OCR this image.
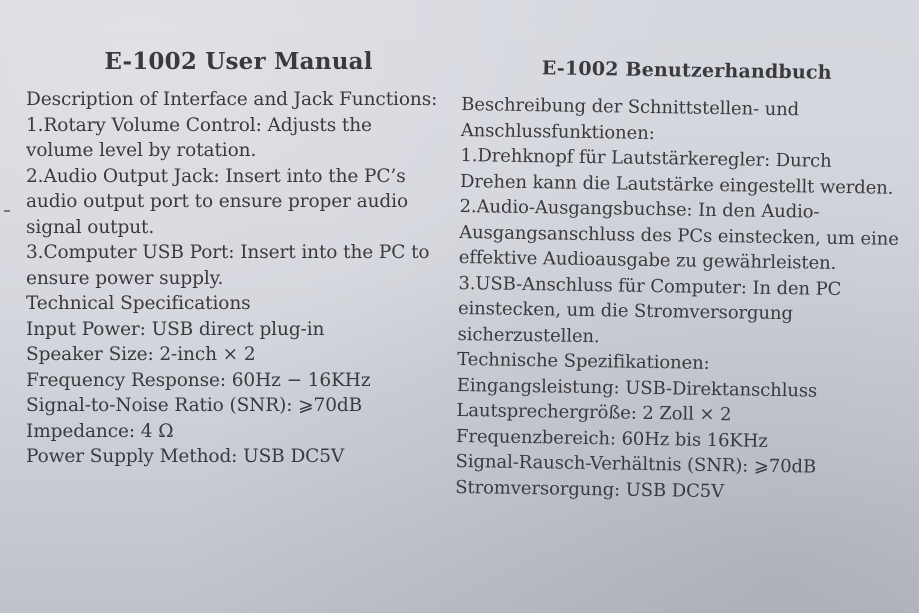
E-1002 User Manual
Description of Interface and Jack Functions:
1.Rotary Volume Control: Adjusts the
volume level by rotation.
2.Audio Output Jack: Insert into the PC’s
audio output port to ensure proper audio
signal output.
3.Computer USB Port: Insert into the PC to
ensure power supply.
Technical Specifications
Input Power: USB direct plug-in
Speaker Size: 2-inch × 2
Frequency Response: 60Hz − 16KHz
Signal-to-Noise Ratio (SNR): ⩾70dB
Impedance: 4 Ω
Power Supply Method: USB DC5V
E-1002 Benutzerhandbuch
Beschreibung der Schnittstellen- und
Anschlussfunktionen:
1.Drehknopf für Lautstärkeregler: Durch
Drehen kann die Lautstärke eingestellt werden.
2.Audio-Ausgangsbuchse: In den Audio-
Ausgangsanschluss des PCs einstecken, um eine
effektive Audioausgabe zu gewährleisten.
3.USB-Anschluss für Computer: In den PC
einstecken, um die Stromversorgung
sicherzustellen.
Technische Spezifikationen:
Eingangsleistung: USB-Direktanschluss
Lautsprechergröße: 2 Zoll × 2
Frequenzbereich: 60Hz bis 16KHz
Signal-Rausch-Verhältnis (SNR): ⩾70dB
Stromversorgung: USB DC5V
